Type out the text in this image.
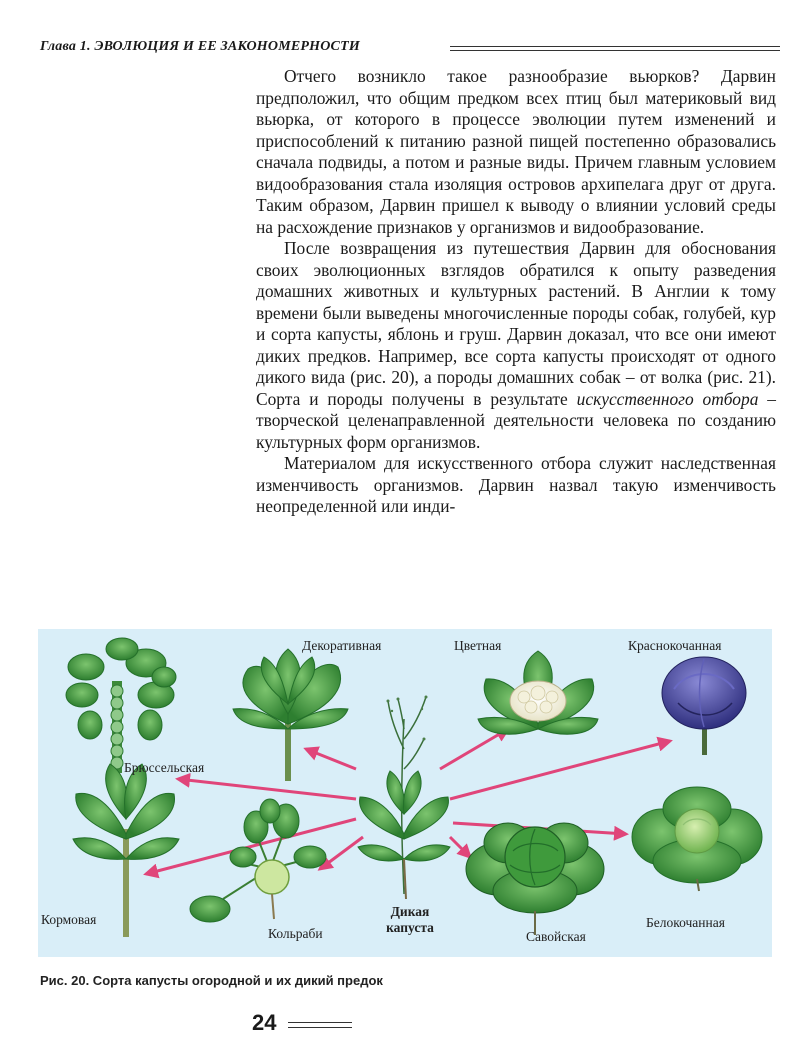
Глава 1. ЭВОЛЮЦИЯ И ЕЕ ЗАКОНОМЕРНОСТИ

Отчего возникло такое разнообразие вьюрков? Дарвин предположил, что общим предком всех птиц был материковый вид вьюрка, от которого в процессе эволюции путем изменений и приспособлений к питанию разной пищей постепенно образовались сначала подвиды, а потом и разные виды. Причем главным условием видообразования стала изоляция островов архипелага друг от друга. Таким образом, Дарвин пришел к выводу о влиянии условий среды на расхождение признаков у организмов и видообразование.

После возвращения из путешествия Дарвин для обоснования своих эволюционных взглядов обратился к опыту разведения домашних животных и культурных растений. В Англии к тому времени были выведены многочисленные породы собак, голубей, кур и сорта капусты, яблонь и груш. Дарвин доказал, что все они имеют диких предков. Например, все сорта капусты происходят от одного дикого вида (рис. 20), а породы домашних собак – от волка (рис. 21). Сорта и породы получены в результате искусственного отбора – творческой целенаправленной деятельности человека по созданию культурных форм организмов.

Материалом для искусственного отбора служит наследственная изменчивость организмов. Дарвин назвал такую изменчивость неопределенной или инди-

Декоративная	Цветная	Краснокочанная
Брюссельская
Кормовая
Кольраби
Дикая
капуста
Савойская
Белокочанная
Рис. 20. Сорта капусты огородной и их дикий предок
24
